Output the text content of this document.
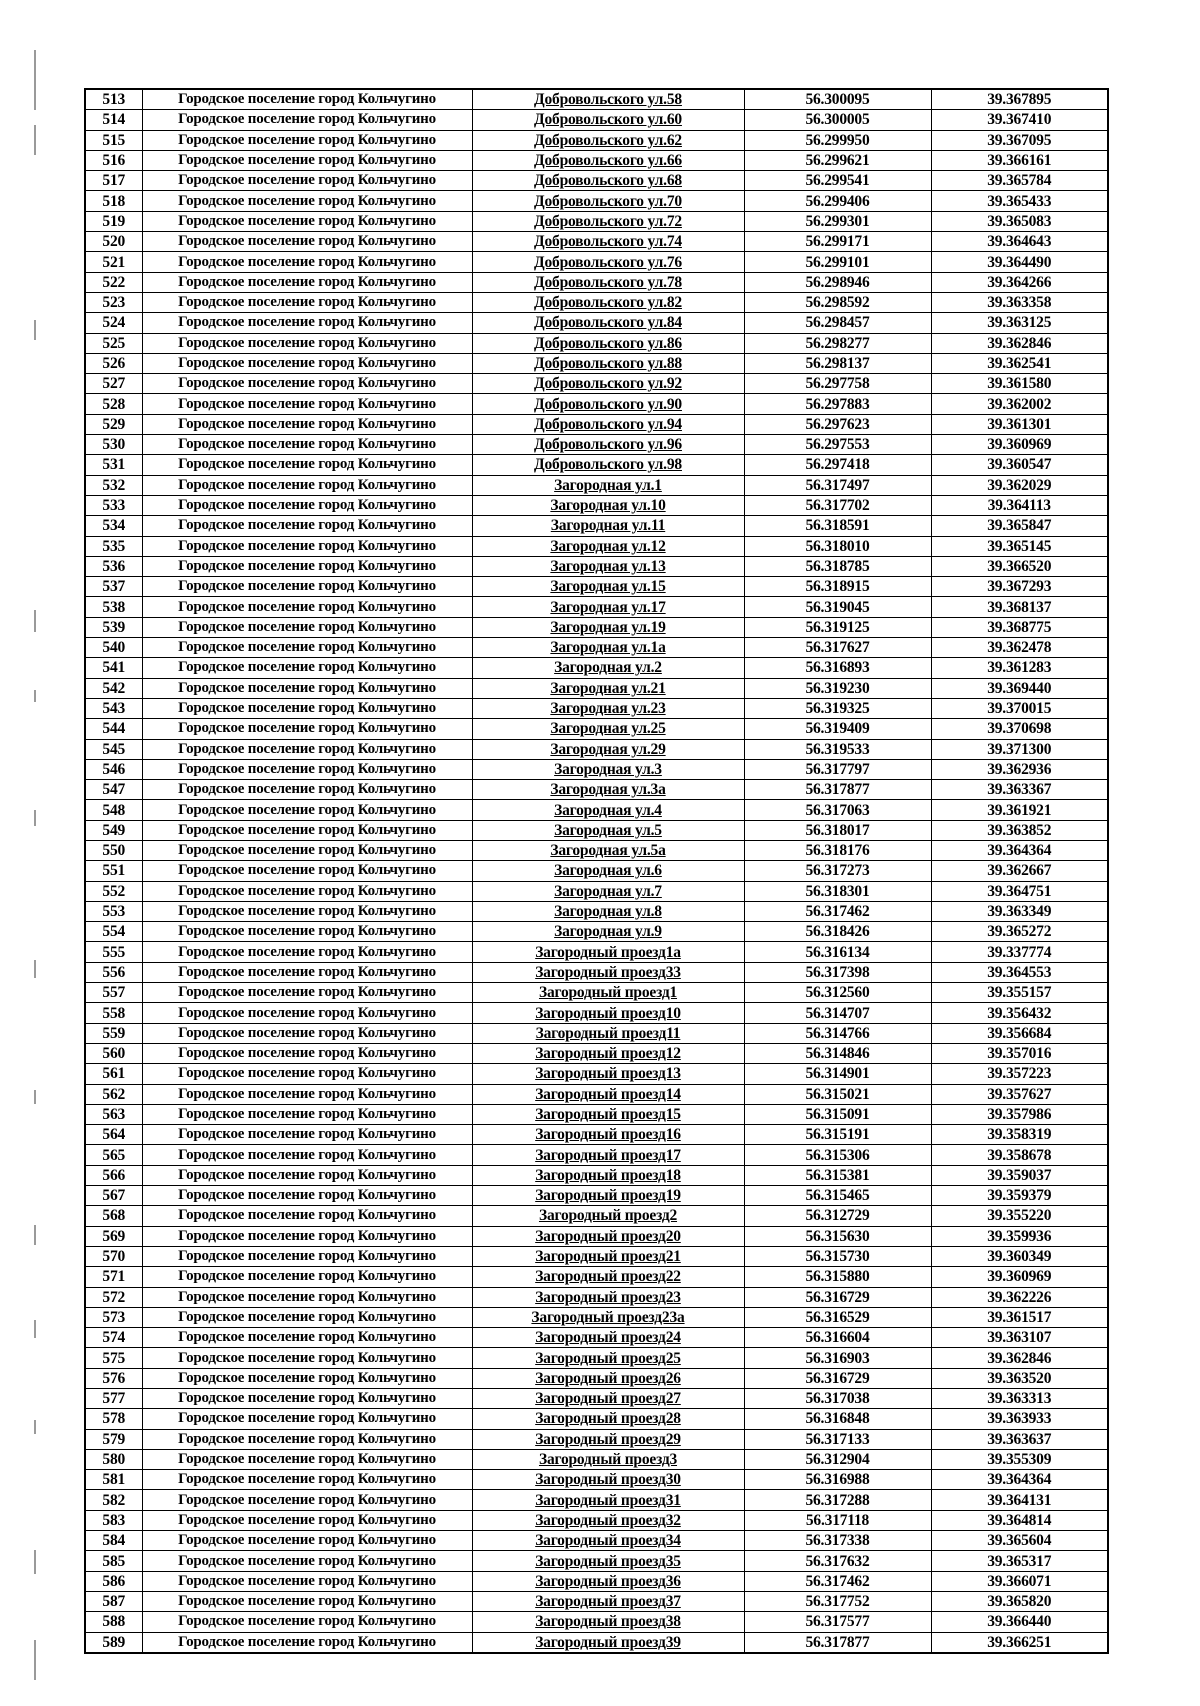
513	Городское поселение город Кольчугино	Добровольского ул.58	56.300095	39.367895
514	Городское поселение город Кольчугино	Добровольского ул.60	56.300005	39.367410
515	Городское поселение город Кольчугино	Добровольского ул.62	56.299950	39.367095
516	Городское поселение город Кольчугино	Добровольского ул.66	56.299621	39.366161
517	Городское поселение город Кольчугино	Добровольского ул.68	56.299541	39.365784
518	Городское поселение город Кольчугино	Добровольского ул.70	56.299406	39.365433
519	Городское поселение город Кольчугино	Добровольского ул.72	56.299301	39.365083
520	Городское поселение город Кольчугино	Добровольского ул.74	56.299171	39.364643
521	Городское поселение город Кольчугино	Добровольского ул.76	56.299101	39.364490
522	Городское поселение город Кольчугино	Добровольского ул.78	56.298946	39.364266
523	Городское поселение город Кольчугино	Добровольского ул.82	56.298592	39.363358
524	Городское поселение город Кольчугино	Добровольского ул.84	56.298457	39.363125
525	Городское поселение город Кольчугино	Добровольского ул.86	56.298277	39.362846
526	Городское поселение город Кольчугино	Добровольского ул.88	56.298137	39.362541
527	Городское поселение город Кольчугино	Добровольского ул.92	56.297758	39.361580
528	Городское поселение город Кольчугино	Добровольского ул.90	56.297883	39.362002
529	Городское поселение город Кольчугино	Добровольского ул.94	56.297623	39.361301
530	Городское поселение город Кольчугино	Добровольского ул.96	56.297553	39.360969
531	Городское поселение город Кольчугино	Добровольского ул.98	56.297418	39.360547
532	Городское поселение город Кольчугино	Загородная ул.1	56.317497	39.362029
533	Городское поселение город Кольчугино	Загородная ул.10	56.317702	39.364113
534	Городское поселение город Кольчугино	Загородная ул.11	56.318591	39.365847
535	Городское поселение город Кольчугино	Загородная ул.12	56.318010	39.365145
536	Городское поселение город Кольчугино	Загородная ул.13	56.318785	39.366520
537	Городское поселение город Кольчугино	Загородная ул.15	56.318915	39.367293
538	Городское поселение город Кольчугино	Загородная ул.17	56.319045	39.368137
539	Городское поселение город Кольчугино	Загородная ул.19	56.319125	39.368775
540	Городское поселение город Кольчугино	Загородная ул.1а	56.317627	39.362478
541	Городское поселение город Кольчугино	Загородная ул.2	56.316893	39.361283
542	Городское поселение город Кольчугино	Загородная ул.21	56.319230	39.369440
543	Городское поселение город Кольчугино	Загородная ул.23	56.319325	39.370015
544	Городское поселение город Кольчугино	Загородная ул.25	56.319409	39.370698
545	Городское поселение город Кольчугино	Загородная ул.29	56.319533	39.371300
546	Городское поселение город Кольчугино	Загородная ул.3	56.317797	39.362936
547	Городское поселение город Кольчугино	Загородная ул.3а	56.317877	39.363367
548	Городское поселение город Кольчугино	Загородная ул.4	56.317063	39.361921
549	Городское поселение город Кольчугино	Загородная ул.5	56.318017	39.363852
550	Городское поселение город Кольчугино	Загородная ул.5а	56.318176	39.364364
551	Городское поселение город Кольчугино	Загородная ул.6	56.317273	39.362667
552	Городское поселение город Кольчугино	Загородная ул.7	56.318301	39.364751
553	Городское поселение город Кольчугино	Загородная ул.8	56.317462	39.363349
554	Городское поселение город Кольчугино	Загородная ул.9	56.318426	39.365272
555	Городское поселение город Кольчугино	Загородный проезд1а	56.316134	39.337774
556	Городское поселение город Кольчугино	Загородный проезд33	56.317398	39.364553
557	Городское поселение город Кольчугино	Загородный проезд1	56.312560	39.355157
558	Городское поселение город Кольчугино	Загородный проезд10	56.314707	39.356432
559	Городское поселение город Кольчугино	Загородный проезд11	56.314766	39.356684
560	Городское поселение город Кольчугино	Загородный проезд12	56.314846	39.357016
561	Городское поселение город Кольчугино	Загородный проезд13	56.314901	39.357223
562	Городское поселение город Кольчугино	Загородный проезд14	56.315021	39.357627
563	Городское поселение город Кольчугино	Загородный проезд15	56.315091	39.357986
564	Городское поселение город Кольчугино	Загородный проезд16	56.315191	39.358319
565	Городское поселение город Кольчугино	Загородный проезд17	56.315306	39.358678
566	Городское поселение город Кольчугино	Загородный проезд18	56.315381	39.359037
567	Городское поселение город Кольчугино	Загородный проезд19	56.315465	39.359379
568	Городское поселение город Кольчугино	Загородный проезд2	56.312729	39.355220
569	Городское поселение город Кольчугино	Загородный проезд20	56.315630	39.359936
570	Городское поселение город Кольчугино	Загородный проезд21	56.315730	39.360349
571	Городское поселение город Кольчугино	Загородный проезд22	56.315880	39.360969
572	Городское поселение город Кольчугино	Загородный проезд23	56.316729	39.362226
573	Городское поселение город Кольчугино	Загородный проезд23а	56.316529	39.361517
574	Городское поселение город Кольчугино	Загородный проезд24	56.316604	39.363107
575	Городское поселение город Кольчугино	Загородный проезд25	56.316903	39.362846
576	Городское поселение город Кольчугино	Загородный проезд26	56.316729	39.363520
577	Городское поселение город Кольчугино	Загородный проезд27	56.317038	39.363313
578	Городское поселение город Кольчугино	Загородный проезд28	56.316848	39.363933
579	Городское поселение город Кольчугино	Загородный проезд29	56.317133	39.363637
580	Городское поселение город Кольчугино	Загородный проезд3	56.312904	39.355309
581	Городское поселение город Кольчугино	Загородный проезд30	56.316988	39.364364
582	Городское поселение город Кольчугино	Загородный проезд31	56.317288	39.364131
583	Городское поселение город Кольчугино	Загородный проезд32	56.317118	39.364814
584	Городское поселение город Кольчугино	Загородный проезд34	56.317338	39.365604
585	Городское поселение город Кольчугино	Загородный проезд35	56.317632	39.365317
586	Городское поселение город Кольчугино	Загородный проезд36	56.317462	39.366071
587	Городское поселение город Кольчугино	Загородный проезд37	56.317752	39.365820
588	Городское поселение город Кольчугино	Загородный проезд38	56.317577	39.366440
589	Городское поселение город Кольчугино	Загородный проезд39	56.317877	39.366251
